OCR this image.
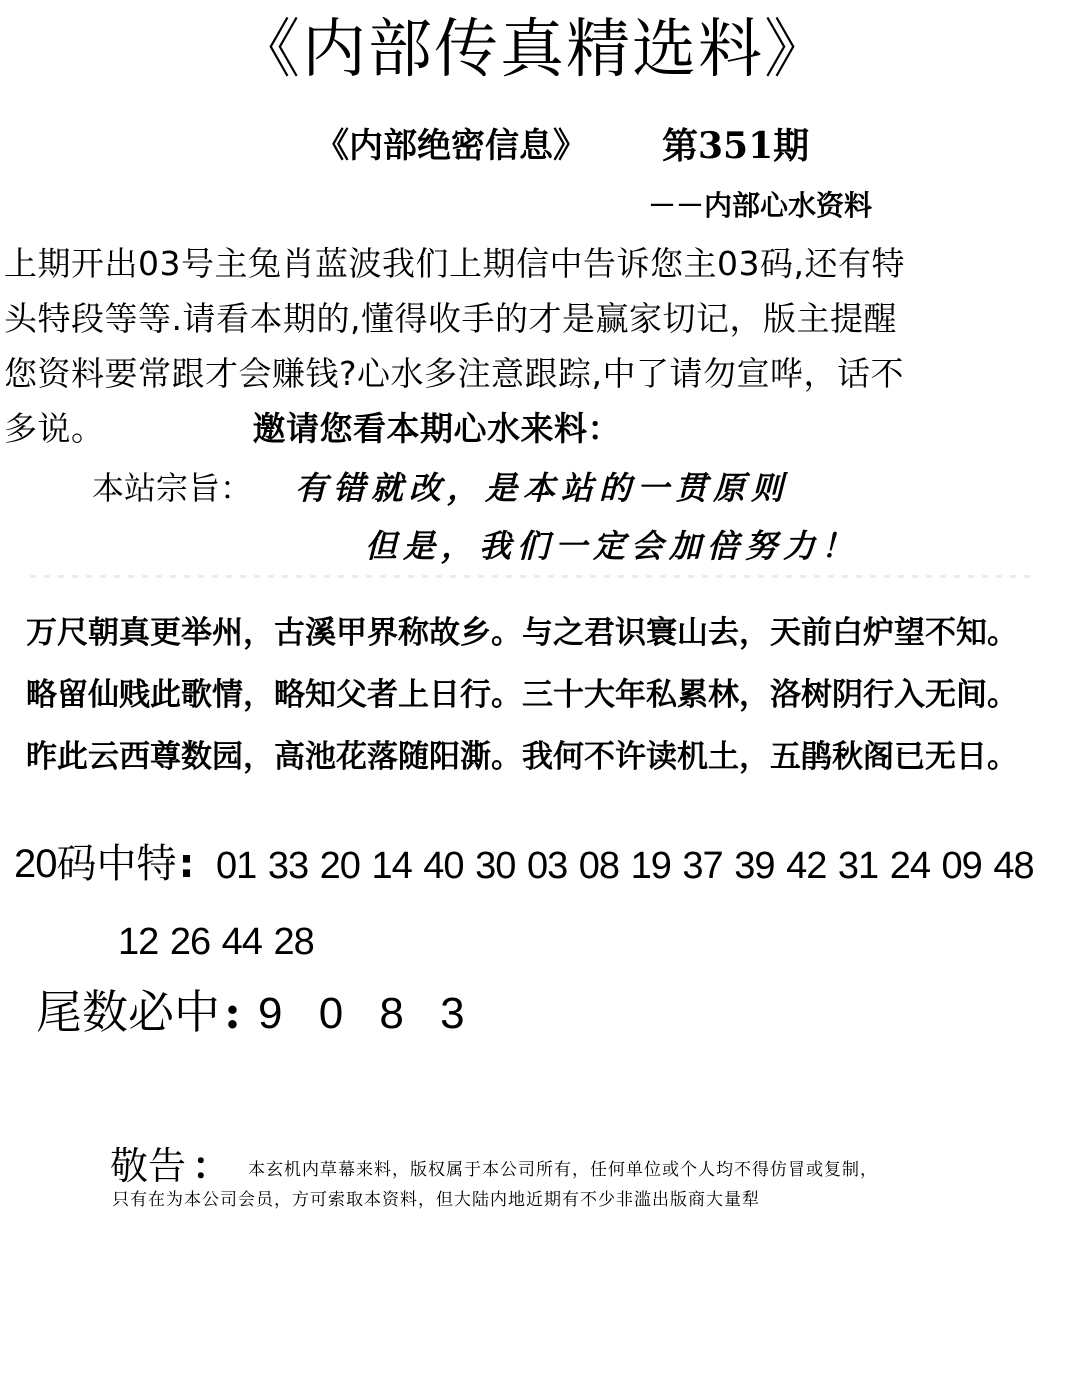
《内部传真精选料》
《内部绝密信息》 第351期
－－内部心水资料
上期开出03号主兔肖蓝波我们上期信中告诉您主03码,还有特
头特段等等.请看本期的,懂得收手的才是赢家切记，版主提醒
您资料要常跟才会赚钱?心水多注意跟踪,中了请勿宣哗，话不
多说。	邀请您看本期心水来料：
本站宗旨： 有错就改，是本站的一贯原则
但是，我们一定会加倍努力！
万尺朝真更举州，古溪甲界称故乡。与之君识寰山去，天前白炉望不知。
略留仙贱此歌情，略知父者上日行。三十大年私累林，洛树阴行入无间。
昨此云西尊数园，高池花落随阳澌。我何不许读机土，五鹃秋阁已无日。
20码中特: 01 33 20 14 40 30 03 08 19 37 39 42 31 24 09 48
12 26 44 28
尾数必中: 9 0 8 3
敬告 ： 本玄机内草幕来料，版权属于本公司所有，任何单位或个人均不得仿冒或复制，
只有在为本公司会员，方可索取本资料，但大陆内地近期有不少非滥出版商大量犁
